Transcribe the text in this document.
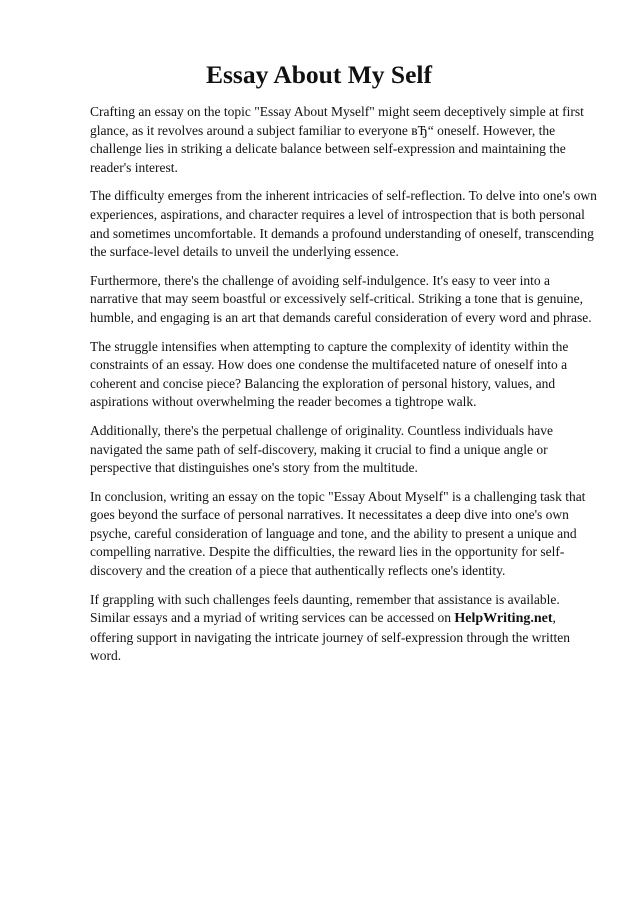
Essay About My Self

Crafting an essay on the topic "Essay About Myself" might seem deceptively simple at first glance, as it revolves around a subject familiar to everyone вЂ“ oneself. However, the challenge lies in striking a delicate balance between self-expression and maintaining the reader's interest.

The difficulty emerges from the inherent intricacies of self-reflection. To delve into one's own experiences, aspirations, and character requires a level of introspection that is both personal and sometimes uncomfortable. It demands a profound understanding of oneself, transcending the surface-level details to unveil the underlying essence.

Furthermore, there's the challenge of avoiding self-indulgence. It's easy to veer into a narrative that may seem boastful or excessively self-critical. Striking a tone that is genuine, humble, and engaging is an art that demands careful consideration of every word and phrase.

The struggle intensifies when attempting to capture the complexity of identity within the constraints of an essay. How does one condense the multifaceted nature of oneself into a coherent and concise piece? Balancing the exploration of personal history, values, and aspirations without overwhelming the reader becomes a tightrope walk.

Additionally, there's the perpetual challenge of originality. Countless individuals have navigated the same path of self-discovery, making it crucial to find a unique angle or perspective that distinguishes one's story from the multitude.

In conclusion, writing an essay on the topic "Essay About Myself" is a challenging task that goes beyond the surface of personal narratives. It necessitates a deep dive into one's own psyche, careful consideration of language and tone, and the ability to present a unique and compelling narrative. Despite the difficulties, the reward lies in the opportunity for self-discovery and the creation of a piece that authentically reflects one's identity.

If grappling with such challenges feels daunting, remember that assistance is available. Similar essays and a myriad of writing services can be accessed on HelpWriting.net, offering support in navigating the intricate journey of self-expression through the written word.
